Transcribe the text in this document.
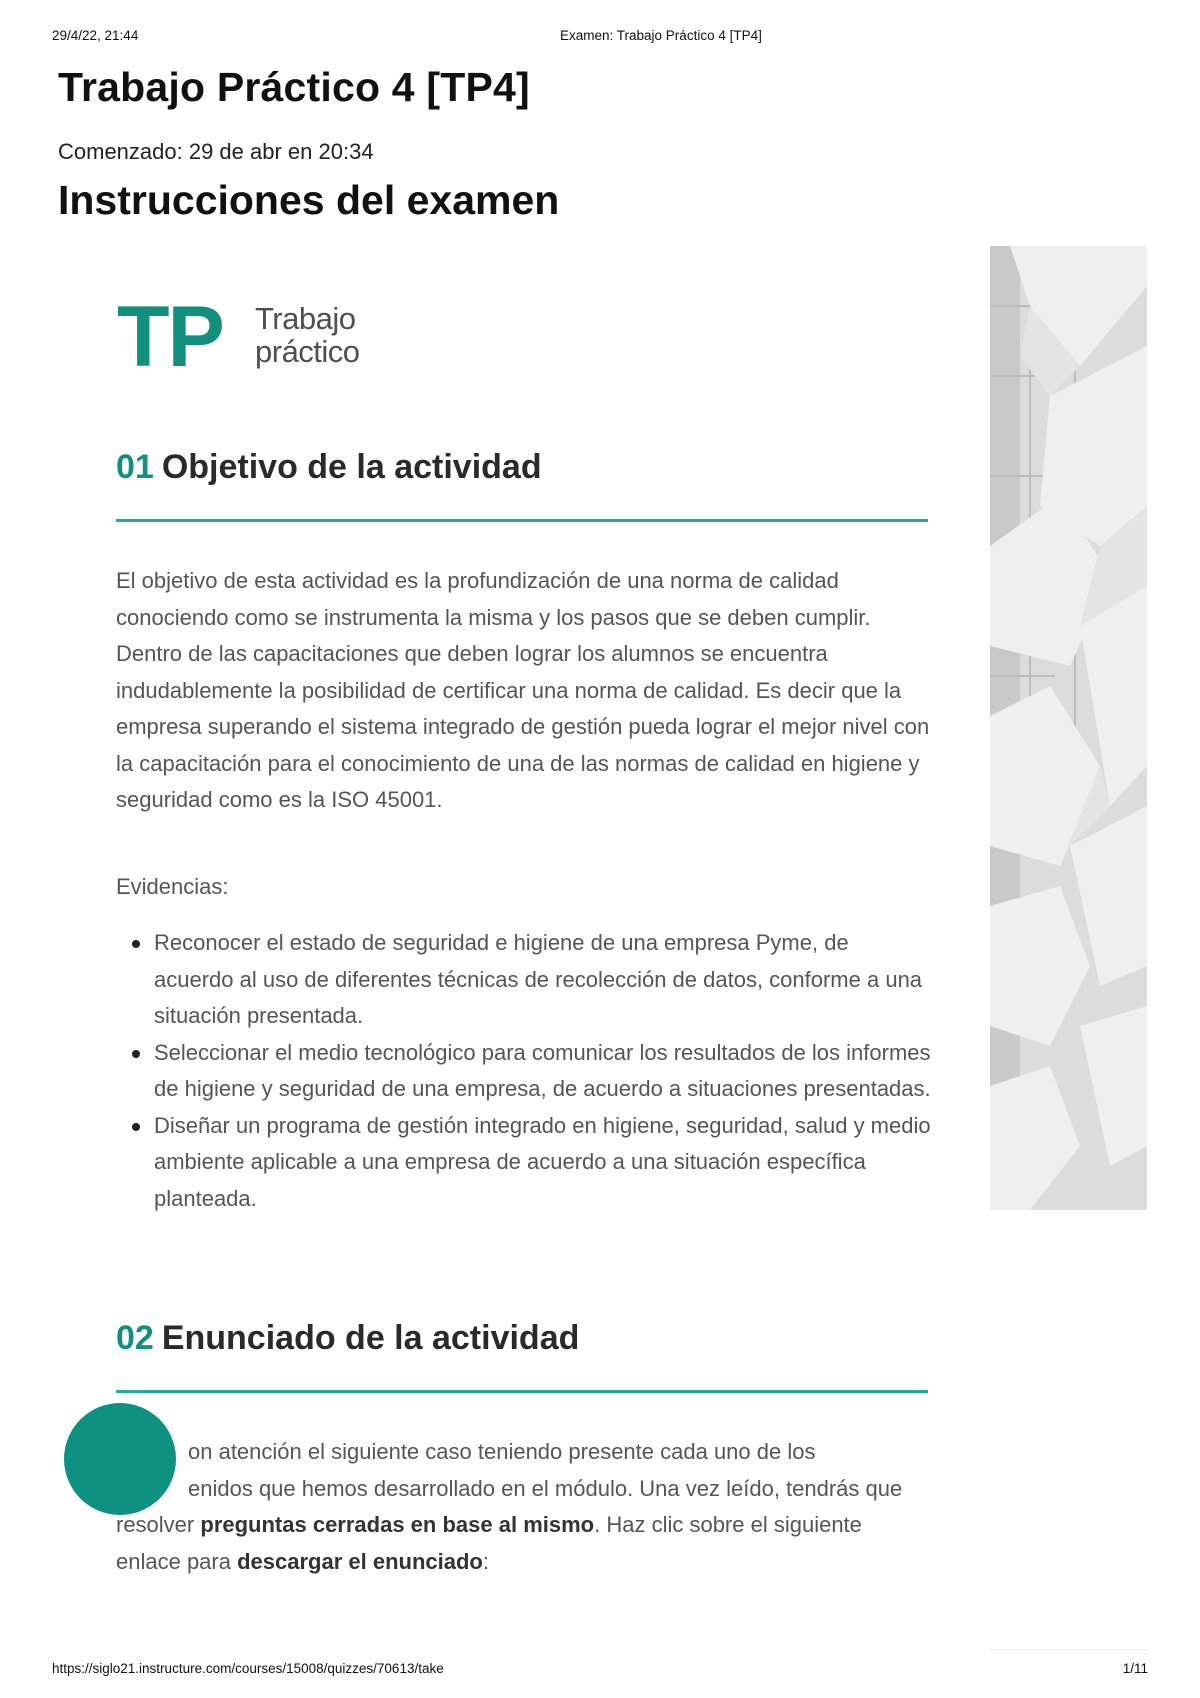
29/4/22, 21:44	Examen: Trabajo Práctico 4 [TP4]
Trabajo Práctico 4 [TP4]
Comenzado: 29 de abr en 20:34
Instrucciones del examen
TP Trabajo
práctico
01 Objetivo de la actividad

El objetivo de esta actividad es la profundización de una norma de calidad conociendo como se instrumenta la misma y los pasos que se deben cumplir. Dentro de las capacitaciones que deben lograr los alumnos se encuentra indudablemente la posibilidad de certificar una norma de calidad. Es decir que la empresa superando el sistema integrado de gestión pueda lograr el mejor nivel con la capacitación para el conocimiento de una de las normas de calidad en higiene y seguridad como es la ISO 45001.

Evidencias:
Reconocer el estado de seguridad e higiene de una empresa Pyme, de acuerdo al uso de diferentes técnicas de recolección de datos, conforme a una situación presentada.
Seleccionar el medio tecnológico para comunicar los resultados de los informes de higiene y seguridad de una empresa, de acuerdo a situaciones presentadas.
Diseñar un programa de gestión integrado en higiene, seguridad, salud y medio ambiente aplicable a una empresa de acuerdo a una situación específica planteada.
02 Enunciado de la actividad

on atención el siguiente caso teniendo presente cada uno de los
enidos que hemos desarrollado en el módulo. Una vez leído, tendrás que resolver preguntas cerradas en base al mismo. Haz clic sobre el siguiente enlace para descargar el enunciado:

https://siglo21.instructure.com/courses/15008/quizzes/70613/take	1/11
